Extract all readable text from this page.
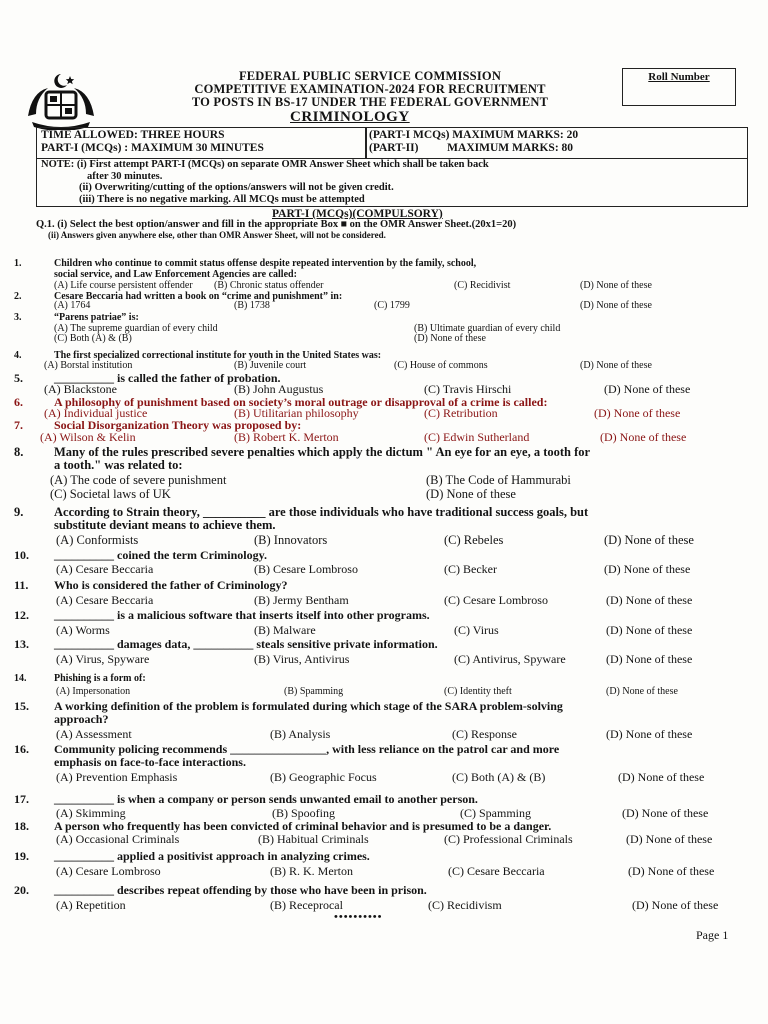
FEDERAL PUBLIC SERVICE COMMISSION
COMPETITIVE EXAMINATION-2024 FOR RECRUITMENT
TO POSTS IN BS-17 UNDER THE FEDERAL GOVERNMENT
Roll Number
CRIMINOLOGY
TIME ALLOWED: THREE HOURS
PART-I (MCQs) : MAXIMUM 30 MINUTES
(PART-I MCQs) MAXIMUM MARKS: 20
(PART-II)          MAXIMUM MARKS: 80
NOTE: (i) First attempt PART-I (MCQs) on separate OMR Answer Sheet which shall be taken back
after 30 minutes.
(ii) Overwriting/cutting of the options/answers will not be given credit.
(iii) There is no negative marking. All MCQs must be attempted
PART-I (MCQs)(COMPULSORY)
Q.1. (i) Select the best option/answer and fill in the appropriate Box ■ on the OMR Answer Sheet.(20x1=20)
(ii) Answers given anywhere else, other than OMR Answer Sheet, will not be considered.
1.	Children who continue to commit status offense despite repeated intervention by the family, school,
social service, and Law Enforcement Agencies are called:
(A) Life course persistent offender (B) Chronic status offender	(C) Recidivist	(D) None of these
2.	Cesare Beccaria had written a book on “crime and punishment” in:
(A) 1764	(B) 1738	(C) 1799	(D) None of these
3.	“Parens patriae” is:
(A) The supreme guardian of every child	(B) Ultimate guardian of every child
(C) Both (A) & (B)	(D) None of these
4.	The first specialized correctional institute for youth in the United States was:
(A) Borstal institution	(B) Juvenile court	(C) House of commons	(D) None of these
5.	__________ is called the father of probation.
(A) Blackstone	(B) John Augustus	(C) Travis Hirschi	(D) None of these
6.	A philosophy of punishment based on society’s moral outrage or disapproval of a crime is called:
(A) Individual justice	(B) Utilitarian philosophy	(C) Retribution	(D) None of these
7.	Social Disorganization Theory was proposed by:
(A) Wilson & Kelin	(B) Robert K. Merton	(C) Edwin Sutherland	(D) None of these
8. Many of the rules prescribed severe penalties which apply the dictum " An eye for an eye, a tooth for
a tooth." was related to:
(A) The code of severe punishment	(B) The Code of Hammurabi
(C) Societal laws of UK	(D) None of these
9. According to Strain theory, __________ are those individuals who have traditional success goals, but
substitute deviant means to achieve them.
(A) Conformists	(B) Innovators	(C) Rebeles	(D) None of these
10. __________ coined the term Criminology.
(A) Cesare Beccaria	(B) Cesare Lombroso	(C) Becker	(D) None of these
11. Who is considered the father of Criminology?
(A) Cesare Beccaria	(B) Jermy Bentham	(C) Cesare Lombroso	(D) None of these
12. __________ is a malicious software that inserts itself into other programs.
(A) Worms	(B) Malware	(C) Virus	(D) None of these
13. __________ damages data, __________ steals sensitive private information.
(A) Virus, Spyware	(B) Virus, Antivirus	(C) Antivirus, Spyware	(D) None of these
14.	Phishing is a form of:
(A) Impersonation	(B) Spamming	(C) Identity theft	(D) None of these
15. A working definition of the problem is formulated during which stage of the SARA problem-solving
approach?
(A) Assessment	(B) Analysis	(C) Response	(D) None of these
16. Community policing recommends ________________, with less reliance on the patrol car and more
emphasis on face-to-face interactions.
(A) Prevention Emphasis	(B) Geographic Focus	(C) Both (A) & (B)	(D) None of these
17. __________ is when a company or person sends unwanted email to another person.
(A) Skimming	(B) Spoofing	(C) Spamming	(D) None of these
18. A person who frequently has been convicted of criminal behavior and is presumed to be a danger.
(A) Occasional Criminals	(B) Habitual Criminals	(C) Professional Criminals	(D) None of these
19. __________ applied a positivist approach in analyzing crimes.
(A) Cesare Lombroso	(B) R. K. Merton	(C) Cesare Beccaria	(D) None of these
20. __________ describes repeat offending by those who have been in prison.
(A) Repetition	(B) Receprocal	(C) Recidivism	(D) None of these
••••••••••
Page 1
